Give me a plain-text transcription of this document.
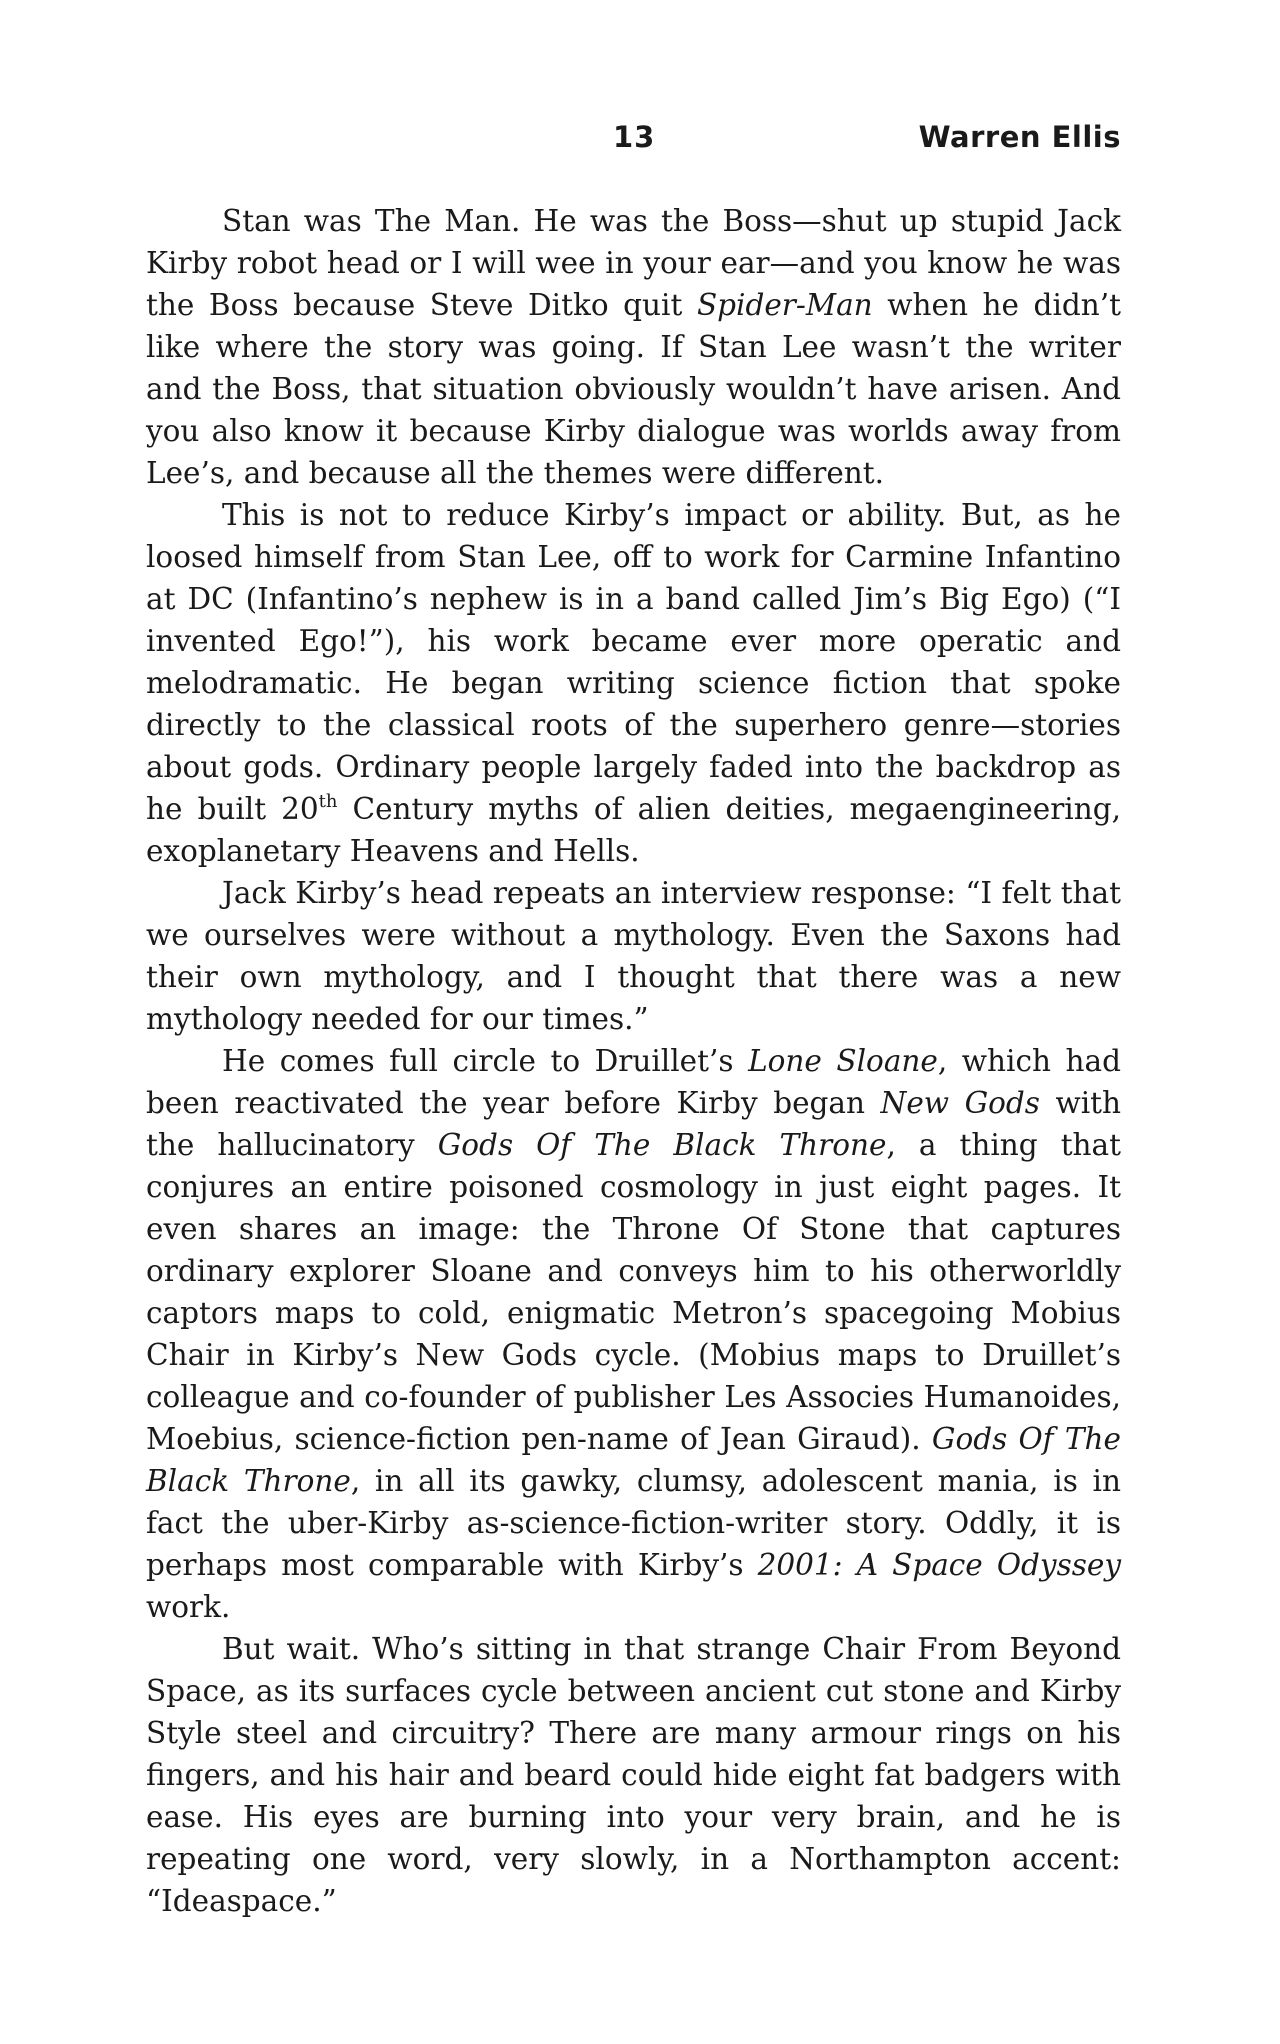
13	Warren Ellis

Stan was The Man. He was the Boss—shut up stupid Jack Kirby robot head or I will wee in your ear—and you know he was the Boss because Steve Ditko quit Spider-Man when he didn’t like where the story was going. If Stan Lee wasn’t the writer and the Boss, that situation obviously wouldn’t have arisen. And you also know it because Kirby dialogue was worlds away from Lee’s, and because all the themes were different.

This is not to reduce Kirby’s impact or ability. But, as he loosed himself from Stan Lee, off to work for Carmine Infantino at DC (Infantino’s nephew is in a band called Jim’s Big Ego) (“I invented Ego!”), his work became ever more operatic and melodramatic. He began writing science fiction that spoke directly to the classical roots of the superhero genre—stories about gods. Ordinary people largely faded into the backdrop as he built 20th Century myths of alien deities, megaengineering, exoplanetary Heavens and Hells.

Jack Kirby’s head repeats an interview response: “I felt that we ourselves were without a mythology. Even the Saxons had their own mythology, and I thought that there was a new mythology needed for our times.”

He comes full circle to Druillet’s Lone Sloane, which had been reactivated the year before Kirby began New Gods with the hallucinatory Gods Of The Black Throne, a thing that conjures an entire poisoned cosmology in just eight pages. It even shares an image: the Throne Of Stone that captures ordinary explorer Sloane and conveys him to his otherworldly captors maps to cold, enigmatic Metron’s spacegoing Mobius Chair in Kirby’s New Gods cycle. (Mobius maps to Druillet’s colleague and co-founder of publisher Les Associes Humanoides, Moebius, science-fiction pen-name of Jean Giraud). Gods Of The Black Throne, in all its gawky, clumsy, adolescent mania, is in fact the uber-Kirby as-science-fiction-writer story. Oddly, it is perhaps most comparable with Kirby’s 2001: A Space Odyssey work.

But wait. Who’s sitting in that strange Chair From Beyond Space, as its surfaces cycle between ancient cut stone and Kirby Style steel and circuitry? There are many armour rings on his fingers, and his hair and beard could hide eight fat badgers with ease. His eyes are burning into your very brain, and he is repeating one word, very slowly, in a Northampton accent: “Ideaspace.”
